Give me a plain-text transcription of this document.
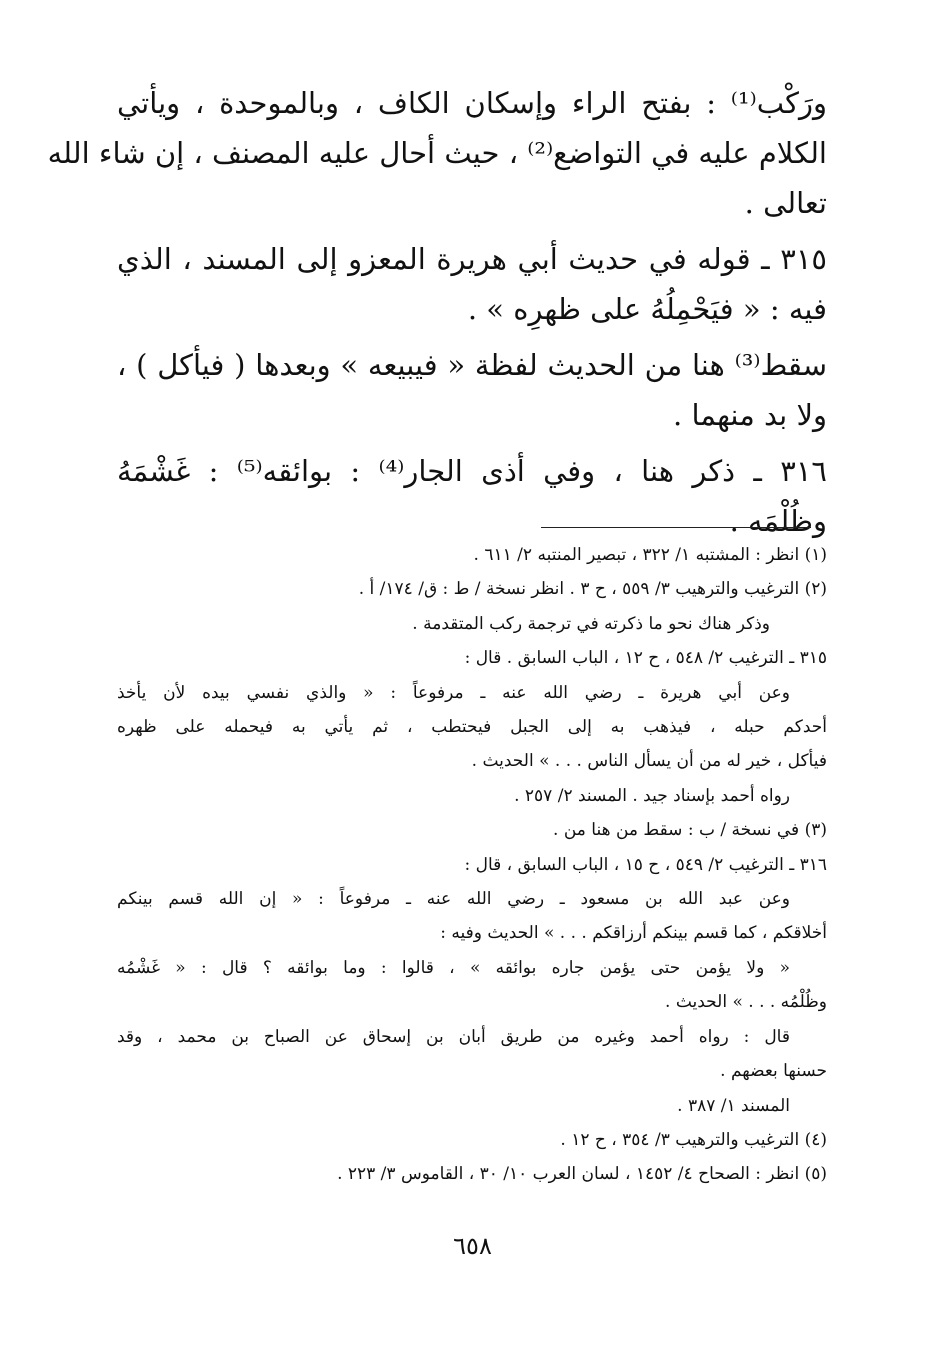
ورَكْب⁽¹⁾ : بفتح الراء وإسكان الكاف ، وبالموحدة ، ويأتي
الكلام عليه في التواضع⁽²⁾ ، حيث أحال عليه المصنف ، إن شاء الله
تعالى .
٣١٥ ـ قوله في حديث أبي هريرة المعزو إلى المسند ، الذي
فيه : « فيَحْمِلُهُ على ظهرِه » .
سقط⁽³⁾ هنا من الحديث لفظة « فيبيعه » وبعدها ( فيأكل ) ،
ولا بد منهما .
٣١٦ ـ ذكر هنا ، وفي أذى الجار⁽⁴⁾ : بوائقه⁽⁵⁾ : غَشْمَهُ
وظُلْمَه .
(١) انظر : المشتبه ١/ ٣٢٢ ، تبصير المنتبه ٢/ ٦١١ .
(٢) الترغيب والترهيب ٣/ ٥٥٩ ، ح ٣ . انظر نسخة / ط : ق/ ١٧٤/ أ .
وذكر هناك نحو ما ذكرته في ترجمة ركب المتقدمة .
٣١٥ ـ الترغيب ٢/ ٥٤٨ ، ح ١٢ ، الباب السابق . قال :
وعن أبي هريرة ـ رضي الله عنه ـ مرفوعاً : « والذي نفسي بيده لأن يأخذ
أحدكم حبله ، فيذهب به إلى الجبل فيحتطب ، ثم يأتي به فيحمله على ظهره
فيأكل ، خير له من أن يسأل الناس . . . » الحديث .
رواه أحمد بإسناد جيد . المسند ٢/ ٢٥٧ .
(٣) في نسخة / ب : سقط من هنا من .
٣١٦ ـ الترغيب ٢/ ٥٤٩ ، ح ١٥ ، الباب السابق ، قال :
وعن عبد الله بن مسعود ـ رضي الله عنه ـ مرفوعاً : « إن الله قسم بينكم
أخلاقكم ، كما قسم بينكم أرزاقكم . . . » الحديث وفيه :
« ولا يؤمن حتى يؤمن جاره بوائقه » ، قالوا : وما بوائقه ؟ قال : « غَشْمُه
وظُلْمُه . . . » الحديث .
قال : رواه أحمد وغيره من طريق أبان بن إسحاق عن الصباح بن محمد ، وقد
حسنها بعضهم .
المسند ١/ ٣٨٧ .
(٤) الترغيب والترهيب ٣/ ٣٥٤ ، ح ١٢ .
(٥) انظر : الصحاح ٤/ ١٤٥٢ ، لسان العرب ١٠/ ٣٠ ، القاموس ٣/ ٢٢٣ .
٦٥٨
